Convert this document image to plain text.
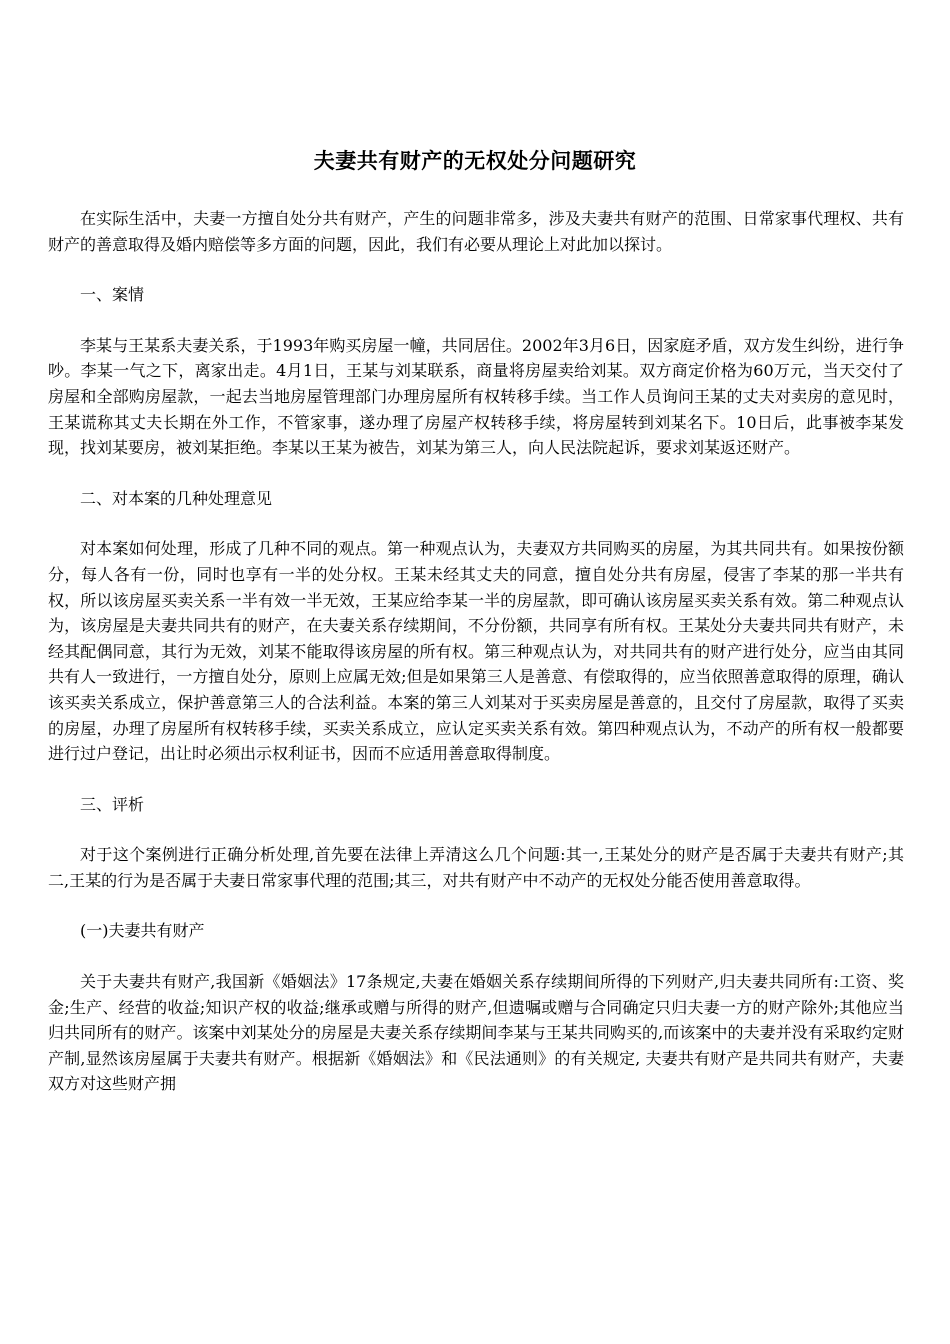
夫妻共有财产的无权处分问题研究

在实际生活中，夫妻一方擅自处分共有财产，产生的问题非常多，涉及夫妻共有财产的范围、日常家事代理权、共有财产的善意取得及婚内赔偿等多方面的问题，因此，我们有必要从理论上对此加以探讨。

一、案情

李某与王某系夫妻关系，于1993年购买房屋一幢，共同居住。2002年3月6日，因家庭矛盾，双方发生纠纷，进行争吵。李某一气之下，离家出走。4月1日，王某与刘某联系，商量将房屋卖给刘某。双方商定价格为60万元，当天交付了房屋和全部购房屋款，一起去当地房屋管理部门办理房屋所有权转移手续。当工作人员询问王某的丈夫对卖房的意见时，王某谎称其丈夫长期在外工作，不管家事，遂办理了房屋产权转移手续，将房屋转到刘某名下。10日后，此事被李某发现，找刘某要房，被刘某拒绝。李某以王某为被告，刘某为第三人，向人民法院起诉，要求刘某返还财产。

二、对本案的几种处理意见

对本案如何处理，形成了几种不同的观点。第一种观点认为，夫妻双方共同购买的房屋，为其共同共有。如果按份额分，每人各有一份，同时也享有一半的处分权。王某未经其丈夫的同意，擅自处分共有房屋，侵害了李某的那一半共有权，所以该房屋买卖关系一半有效一半无效，王某应给李某一半的房屋款，即可确认该房屋买卖关系有效。第二种观点认为，该房屋是夫妻共同共有的财产，在夫妻关系存续期间，不分份额，共同享有所有权。王某处分夫妻共同共有财产，未经其配偶同意，其行为无效，刘某不能取得该房屋的所有权。第三种观点认为，对共同共有的财产进行处分，应当由其同共有人一致进行，一方擅自处分，原则上应属无效;但是如果第三人是善意、有偿取得的，应当依照善意取得的原理，确认该买卖关系成立，保护善意第三人的合法利益。本案的第三人刘某对于买卖房屋是善意的，且交付了房屋款，取得了买卖的房屋，办理了房屋所有权转移手续，买卖关系成立，应认定买卖关系有效。第四种观点认为，不动产的所有权一般都要进行过户登记，出让时必须出示权利证书，因而不应适用善意取得制度。

三、评析

对于这个案例进行正确分析处理,首先要在法律上弄清这么几个问题:其一,王某处分的财产是否属于夫妻共有财产;其二,王某的行为是否属于夫妻日常家事代理的范围;其三，对共有财产中不动产的无权处分能否使用善意取得。

(一)夫妻共有财产

关于夫妻共有财产,我国新《婚姻法》17条规定,夫妻在婚姻关系存续期间所得的下列财产,归夫妻共同所有:工资、奖金;生产、经营的收益;知识产权的收益;继承或赠与所得的财产,但遗嘱或赠与合同确定只归夫妻一方的财产除外;其他应当归共同所有的财产。该案中刘某处分的房屋是夫妻关系存续期间李某与王某共同购买的,而该案中的夫妻并没有采取约定财产制,显然该房屋属于夫妻共有财产。根据新《婚姻法》和《民法通则》的有关规定, 夫妻共有财产是共同共有财产，夫妻双方对这些财产拥
